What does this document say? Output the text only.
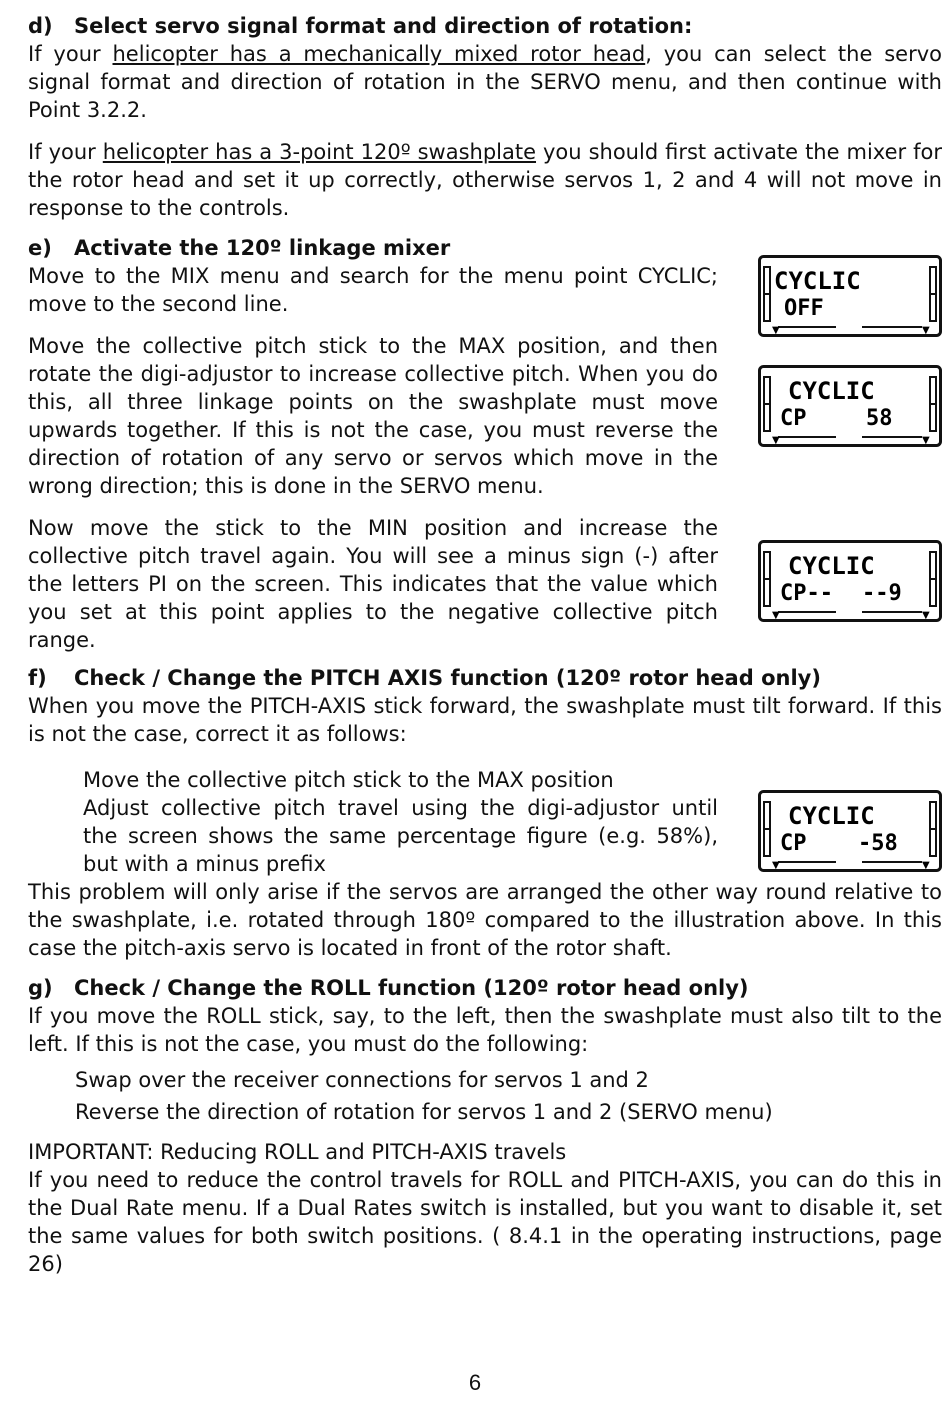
d) Select servo signal format and direction of rotation:

If your helicopter has a mechanically mixed rotor head, you can select the servo signal format and direction of rotation in the SERVO menu, and then continue with Point 3.2.2.

If your helicopter has a 3-point 120º swashplate you should first activate the mixer for the rotor head and set it up correctly, otherwise servos 1, 2 and 4 will not move in response to the controls.

e) Activate the 120º linkage mixer

Move to the MIX menu and search for the menu point CYCLIC; move to the second line.

Move the collective pitch stick to the MAX position, and then rotate the digi-adjustor to increase collective pitch. When you do this, all three linkage points on the swashplate must move upwards together. If this is not the case, you must reverse the direction of rotation of any servo or servos which move in the wrong direction; this is done in the SERVO menu.

Now move the stick to the MIN position and increase the collective pitch travel again. You will see a minus sign (-) after the letters PI on the screen. This indicates that the value which you set at this point applies to the negative collective pitch range.

f) Check / Change the PITCH AXIS function (120º rotor head only)

When you move the PITCH-AXIS stick forward, the swashplate must tilt forward. If this is not the case, correct it as follows:

Move the collective pitch stick to the MAX position

Adjust collective pitch travel using the digi-adjustor until the screen shows the same percentage figure (e.g. 58%), but with a minus prefix

This problem will only arise if the servos are arranged the other way round relative to the swashplate, i.e. rotated through 180º compared to the illustration above. In this case the pitch-axis servo is located in front of the rotor shaft.

g) Check / Change the ROLL function (120º rotor head only)

If you move the ROLL stick, say, to the left, then the swashplate must also tilt to the left. If this is not the case, you must do the following:

Swap over the receiver connections for servos 1 and 2

Reverse the direction of rotation for servos 1 and 2 (SERVO menu)

IMPORTANT: Reducing ROLL and PITCH-AXIS travels

If you need to reduce the control travels for ROLL and PITCH-AXIS, you can do this in the Dual Rate menu. If a Dual Rates switch is installed, but you want to disable it, set the same values for both switch positions. ( 8.4.1 in the operating instructions, page 26)

▼	▼
CYCLIC
OFF
▼	▼
CYCLIC
CP	58
▼	▼
CYCLIC
CP-- --9
▼	▼
CYCLIC
CP -58
6
